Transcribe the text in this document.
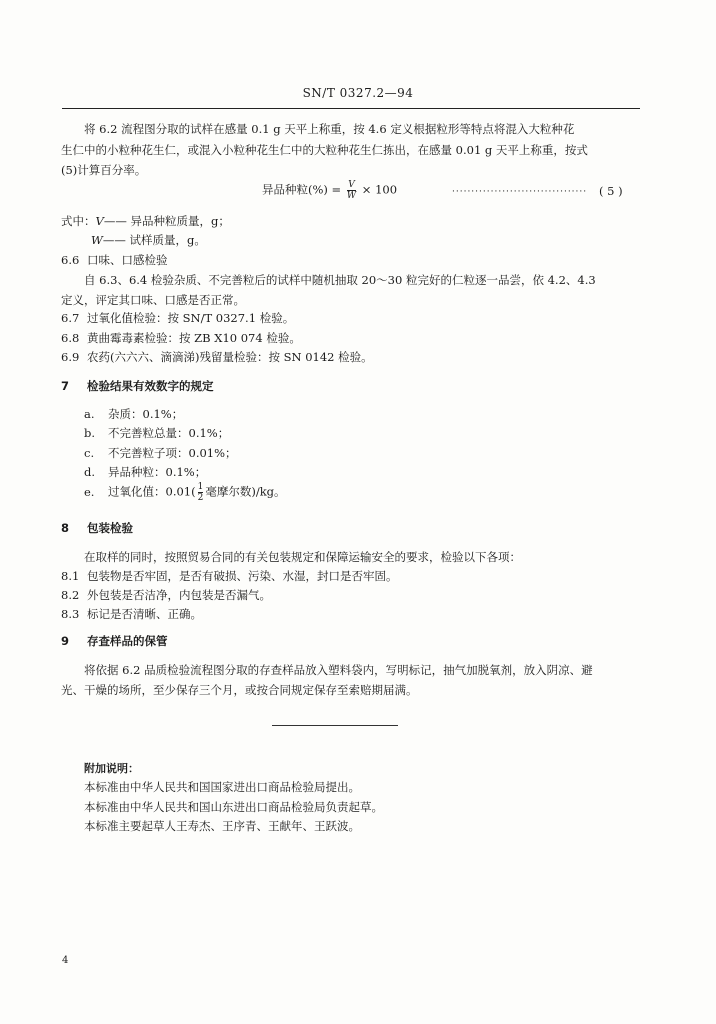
SN/T 0327.2—94
将 6.2 流程图分取的试样在感量 0.1 g 天平上称重，按 4.6 定义根据粒形等特点将混入大粒种花
生仁中的小粒种花生仁，或混入小粒种花生仁中的大粒种花生仁拣出，在感量 0.01 g 天平上称重，按式
(5)计算百分率。
异品种粒(%) = $\frac{V}{W} \times 100$	··································· ( 5 )
式中：V—— 异品种粒质量，g；
W—— 试样质量，g。
6.6 口味、口感检验
自 6.3、6.4 检验杂质、不完善粒后的试样中随机抽取 20～30 粒完好的仁粒逐一品尝，依 4.2、4.3
定义，评定其口味、口感是否正常。
6.7 过氧化值检验：按 SN/T 0327.1 检验。
6.8 黄曲霉毒素检验：按 ZB X10 074 检验。
6.9 农药(六六六、滴滴涕)残留量检验：按 SN 0142 检验。
7 检验结果有效数字的规定
a. 杂质：0.1%；
b. 不完善粒总量：0.1%；
c. 不完善粒子项：0.01%；
d. 异品种粒：0.1%；
e. 过氧化值：$0.01( \frac{1}{2}$ 毫摩尔数)/kg。
8 包装检验
在取样的同时，按照贸易合同的有关包装规定和保障运输安全的要求，检验以下各项：
8.1 包装物是否牢固，是否有破损、污染、水湿，封口是否牢固。
8.2 外包装是否洁净，内包装是否漏气。
8.3 标记是否清晰、正确。
9 存查样品的保管
将依据 6.2 品质检验流程图分取的存查样品放入塑料袋内，写明标记，抽气加脱氧剂，放入阴凉、避
光、干燥的场所，至少保存三个月，或按合同规定保存至索赔期届满。
附加说明：
本标准由中华人民共和国国家进出口商品检验局提出。
本标准由中华人民共和国山东进出口商品检验局负责起草。
本标准主要起草人王寿杰、王序青、王献年、王跃波。
4
